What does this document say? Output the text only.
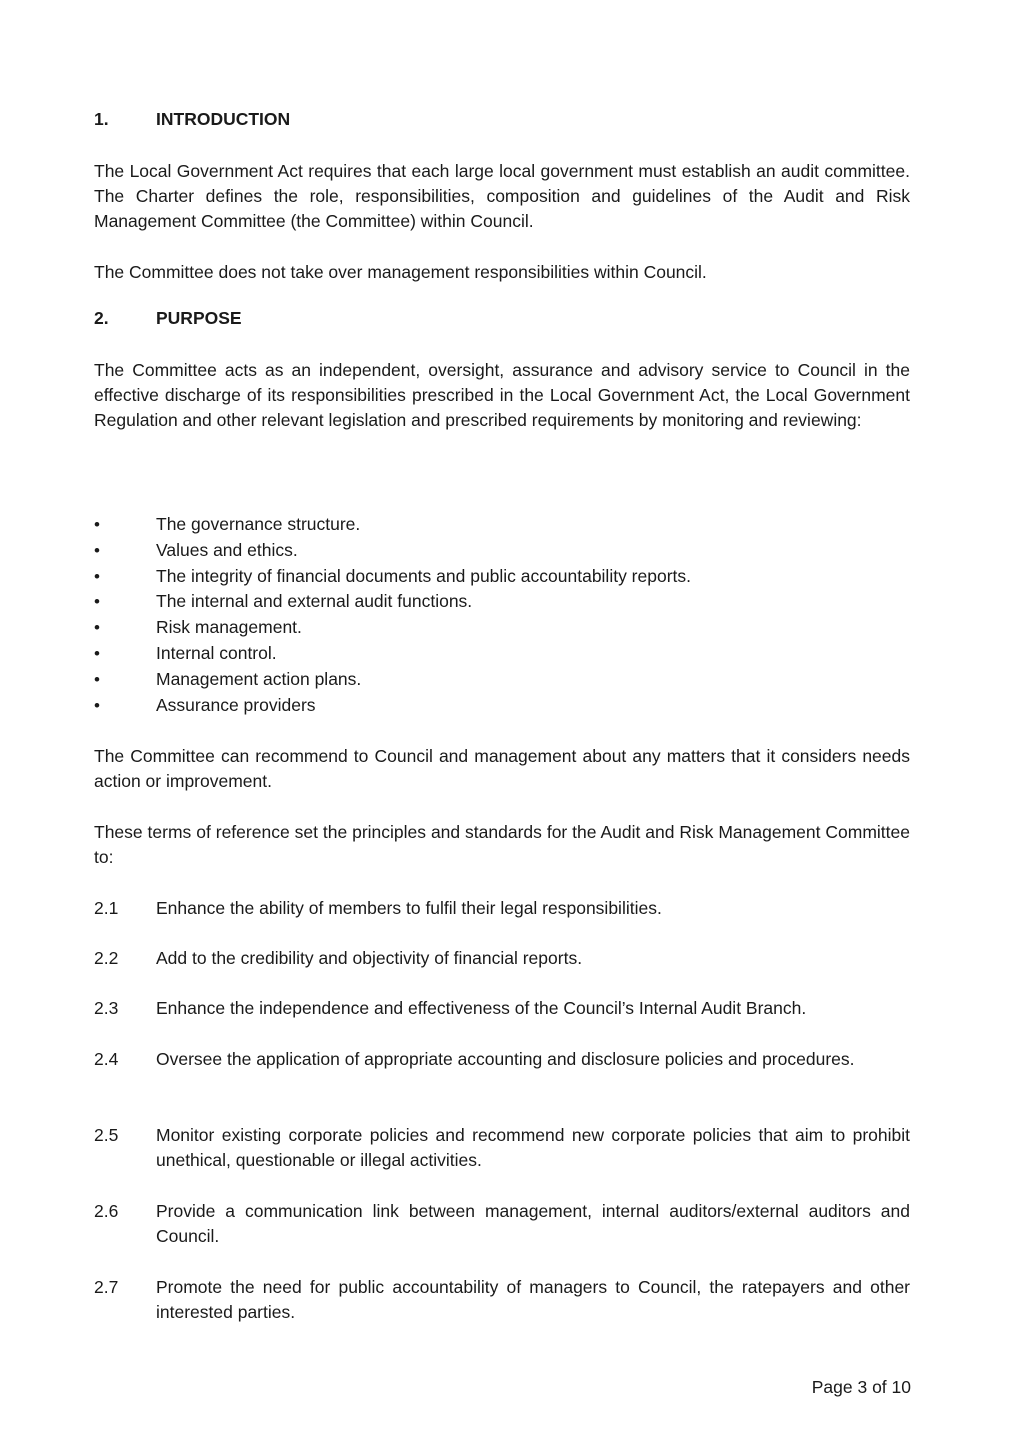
1.	INTRODUCTION

The Local Government Act requires that each large local government must establish an audit committee. The Charter defines the role, responsibilities, composition and guidelines of the Audit and Risk Management Committee (the Committee) within Council.

The Committee does not take over management responsibilities within Council.

2.	PURPOSE

The Committee acts as an independent, oversight, assurance and advisory service to Council in the effective discharge of its responsibilities prescribed in the Local Government Act, the Local Government Regulation and other relevant legislation and prescribed requirements by monitoring and reviewing:

•	The governance structure.
•	Values and ethics.
•	The integrity of financial documents and public accountability reports.
•	The internal and external audit functions.
•	Risk management.
•	Internal control.
•	Management action plans.
•	Assurance providers

The Committee can recommend to Council and management about any matters that it considers needs action or improvement.

These terms of reference set the principles and standards for the Audit and Risk Management Committee to:

2.1	Enhance the ability of members to fulfil their legal responsibilities.
2.2	Add to the credibility and objectivity of financial reports.
2.3	Enhance the independence and effectiveness of the Council’s Internal Audit Branch.
2.4	Oversee the application of appropriate accounting and disclosure policies and procedures.
2.5	Monitor existing corporate policies and recommend new corporate policies that aim to prohibit unethical, questionable or illegal activities.
2.6	Provide a communication link between management, internal auditors/external auditors and Council.
2.7	Promote the need for public accountability of managers to Council, the ratepayers and other interested parties.
Page 3 of 10
